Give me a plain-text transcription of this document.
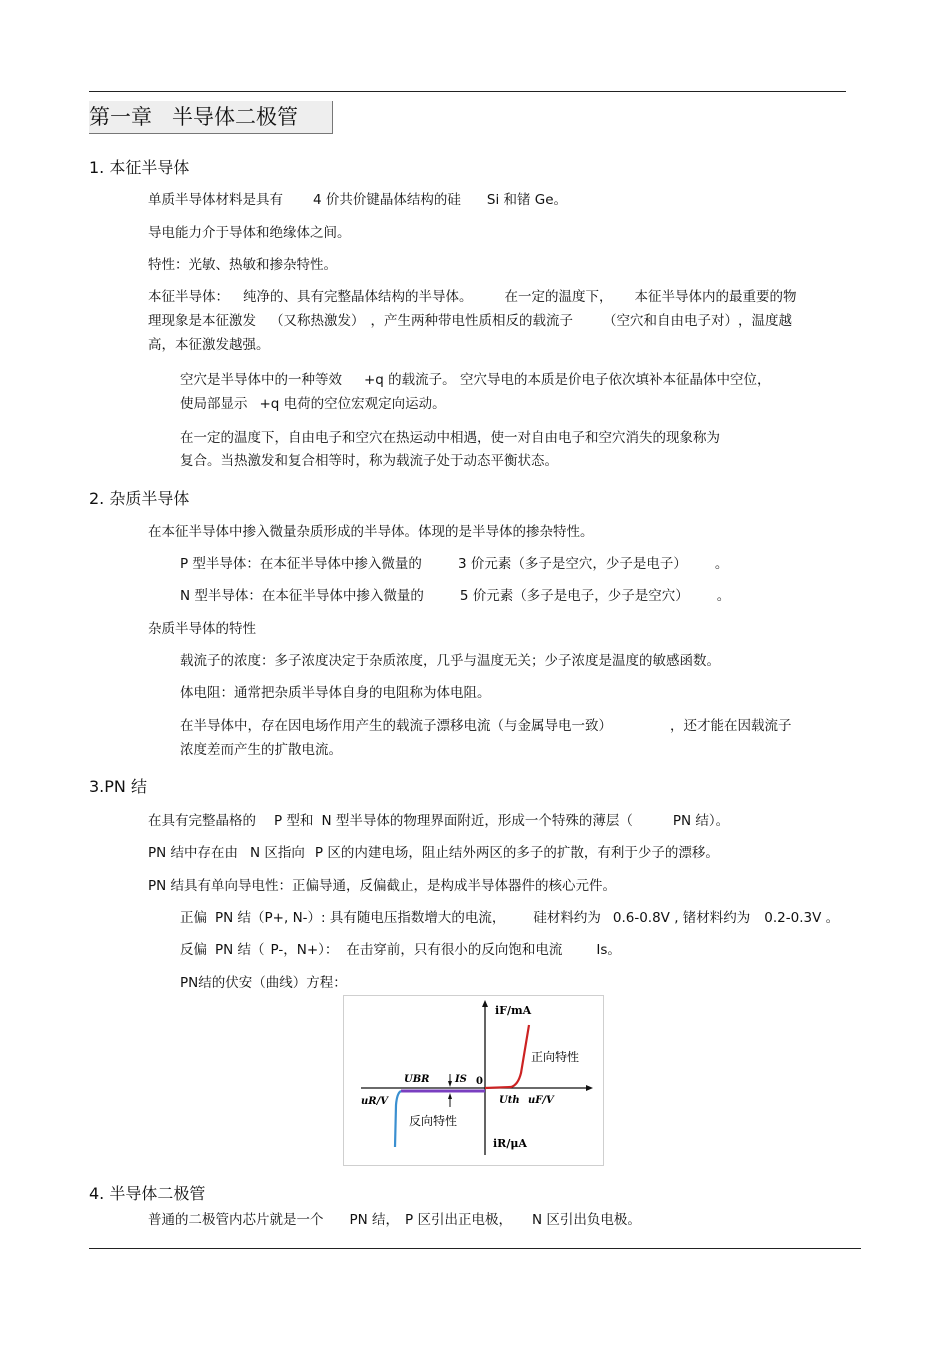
第一章 半导体二极管
1. 本征半导体
单质半导体材料是具有 4 价共价键晶体结构的硅 Si 和锗 Ge。
导电能力介于导体和绝缘体之间。
特性：光敏、热敏和掺杂特性。
本征半导体： 纯净的、具有完整晶体结构的半导体。 在一定的温度下， 本征半导体内的最重要的物
理现象是本征激发 （又称热激发） ，产生两种带电性质相反的载流子 （空穴和自由电子对），温度越
高，本征激发越强。
空穴是半导体中的一种等效 +q 的载流子。 空穴导电的本质是价电子依次填补本征晶体中空位，
使局部显示 +q 电荷的空位宏观定向运动。
在一定的温度下，自由电子和空穴在热运动中相遇，使一对自由电子和空穴消失的现象称为
复合。当热激发和复合相等时，称为载流子处于动态平衡状态。
2. 杂质半导体
在本征半导体中掺入微量杂质形成的半导体。体现的是半导体的掺杂特性。
P 型半导体：在本征半导体中掺入微量的	3 价元素（多子是空穴，少子是电子） 。
N 型半导体：在本征半导体中掺入微量的	5 价元素（多子是电子，少子是空穴） 。
杂质半导体的特性
载流子的浓度：多子浓度决定于杂质浓度，几乎与温度无关；少子浓度是温度的敏感函数。
体电阻：通常把杂质半导体自身的电阻称为体电阻。
在半导体中，存在因电场作用产生的载流子漂移电流（与金属导电一致）	，还才能在因载流子
浓度差而产生的扩散电流。
3.PN 结
在具有完整晶格的 P 型和 N 型半导体的物理界面附近，形成一个特殊的薄层（	PN 结）。
PN 结中存在由 N 区指向 P 区的内建电场，阻止结外两区的多子的扩散，有利于少子的漂移。
PN 结具有单向导电性：正偏导通，反偏截止，是构成半导体器件的核心元件。
正偏 PN 结（P+, N-）: 具有随电压指数增大的电流， 硅材料约为 0.6-0.8V , 锗材料约为 0.2-0.3V 。
反偏 PN 结（ P-，N+）： 在击穿前，只有很小的反向饱和电流	Is。
PN结的伏安（曲线）方程：
iF/mA
正向特性
反向特性
UBR	IS 0
Uth uF/V
uR/V
iR/μA
4. 半导体二极管
普通的二极管内芯片就是一个 PN 结， P 区引出正电极， N 区引出负电极。
